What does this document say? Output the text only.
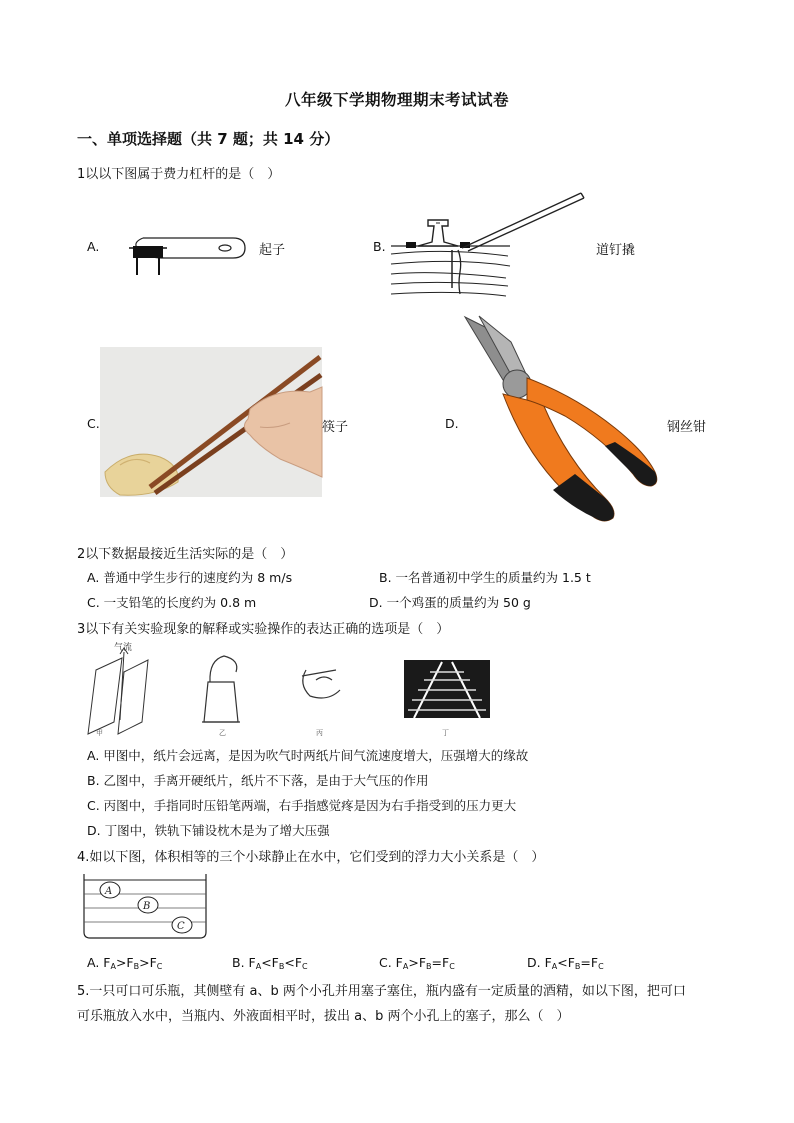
八年级下学期物理期末考试试卷
一、单项选择题（共 7 题；共 14 分）
1以以下图属于费力杠杆的是（　）
A.	起子	B.	道钉撬
C.	筷子	D.	钢丝钳
2以下数据最接近生活实际的是（　）
A. 普通中学生步行的速度约为 8 m/s	B. 一名普通初中学生的质量约为 1.5 t
C. 一支铅笔的长度约为 0.8 m	D. 一个鸡蛋的质量约为 50 g
3以下有关实验现象的解释或实验操作的表达正确的选项是（　）
气流
甲	乙	丙	丁
A. 甲图中，纸片会远离，是因为吹气时两纸片间气流速度增大，压强增大的缘故
B. 乙图中，手离开硬纸片，纸片不下落，是由于大气压的作用
C. 丙图中，手指同时压铅笔两端，右手指感觉疼是因为右手指受到的压力更大
D. 丁图中，铁轨下铺设枕木是为了增大压强
4.如以下图，体积相等的三个小球静止在水中，它们受到的浮力大小关系是（　）
A
B
C
A. $F_A>F_B>F_C$	B. $F_A<F_B<F_C$	C. $F_A>F_B=F_C$	D. $F_A<F_B=F_C$
5.一只可口可乐瓶，其侧壁有 a、b 两个小孔并用塞子塞住，瓶内盛有一定质量的酒精，如以下图，把可口
可乐瓶放入水中，当瓶内、外液面相平时，拔出 a、b 两个小孔上的塞子，那么（　）
